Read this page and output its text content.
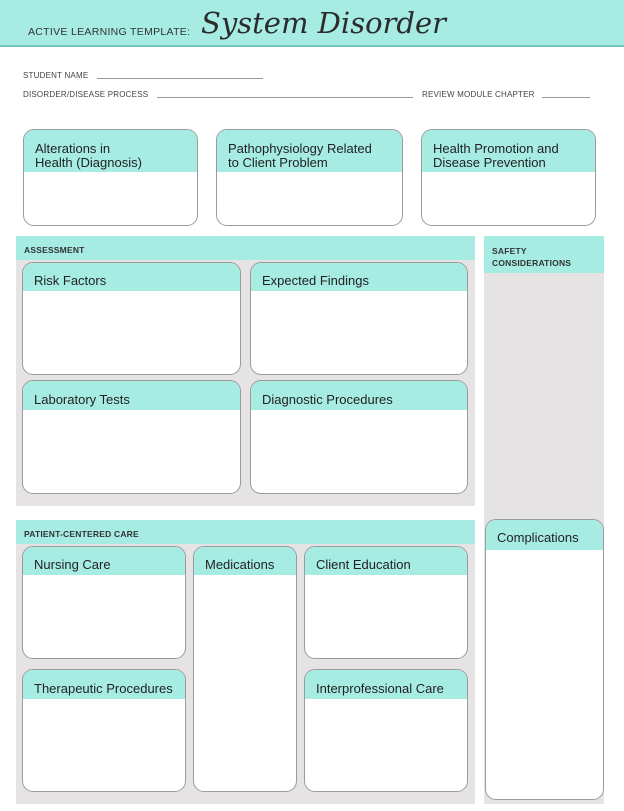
ACTIVE LEARNING TEMPLATE: System Disorder
STUDENT NAME
DISORDER/DISEASE PROCESS	REVIEW MODULE CHAPTER
Alterations in
Health (Diagnosis)
Pathophysiology Related
to Client Problem
Health Promotion and
Disease Prevention
ASSESSMENT
Risk Factors	Expected Findings
Laboratory Tests	Diagnostic Procedures
SAFETY
CONSIDERATIONS
PATIENT-CENTERED CARE
Nursing Care	Medications	Client Education
Therapeutic Procedures	Interprofessional Care
Complications
